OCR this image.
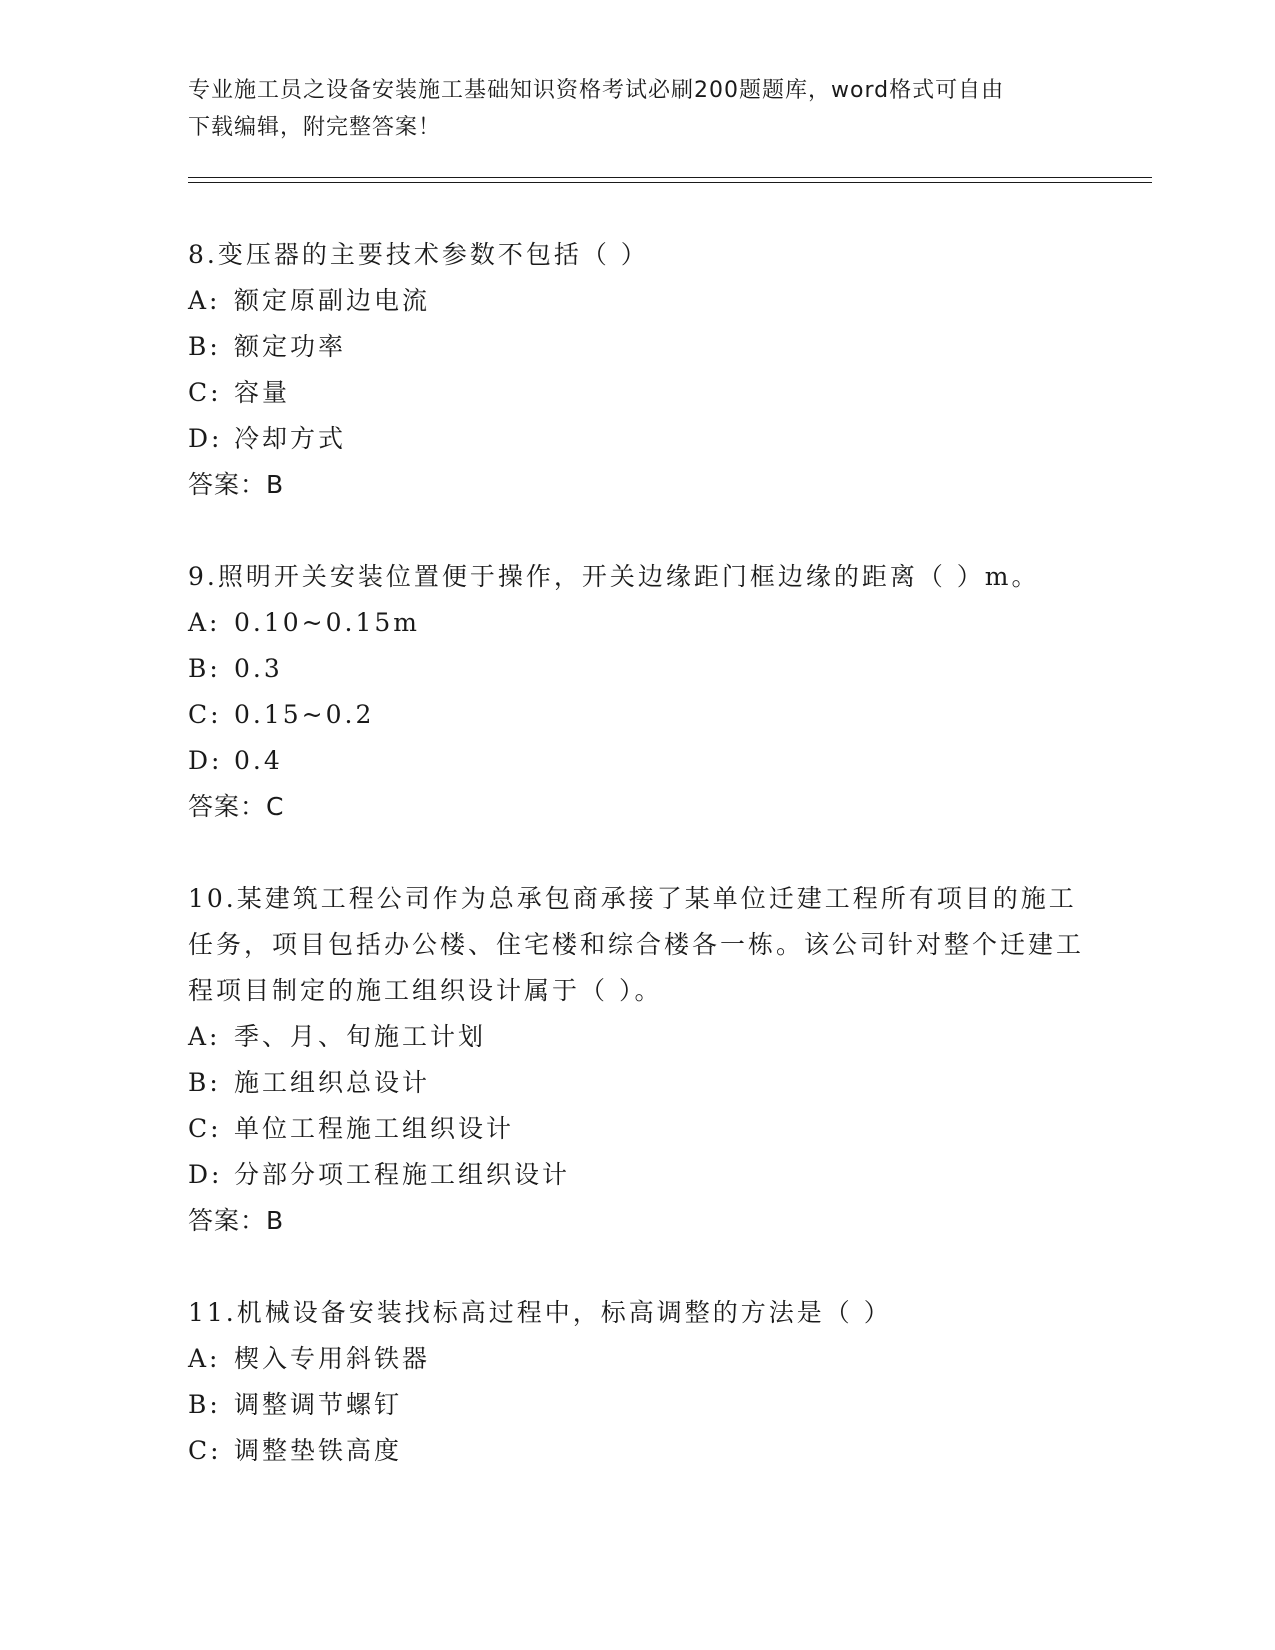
专业施工员之设备安装施工基础知识资格考试必刷200题题库，word格式可自由
下载编辑，附完整答案！
8.变压器的主要技术参数不包括（ ）
A: 额定原副边电流
B: 额定功率
C: 容量
D: 冷却方式
答案：B
9.照明开关安装位置便于操作，开关边缘距门框边缘的距离（ ）m。
A: 0.10~0.15m
B: 0.3
C: 0.15~0.2
D: 0.4
答案：C
10.某建筑工程公司作为总承包商承接了某单位迁建工程所有项目的施工任务，项目包括办公楼、住宅楼和综合楼各一栋。该公司针对整个迁建工程项目制定的施工组织设计属于（ ）。
A: 季、月、旬施工计划
B: 施工组织总设计
C: 单位工程施工组织设计
D: 分部分项工程施工组织设计
答案：B
11.机械设备安装找标高过程中，标高调整的方法是（ ）
A: 楔入专用斜铁器
B: 调整调节螺钉
C: 调整垫铁高度
